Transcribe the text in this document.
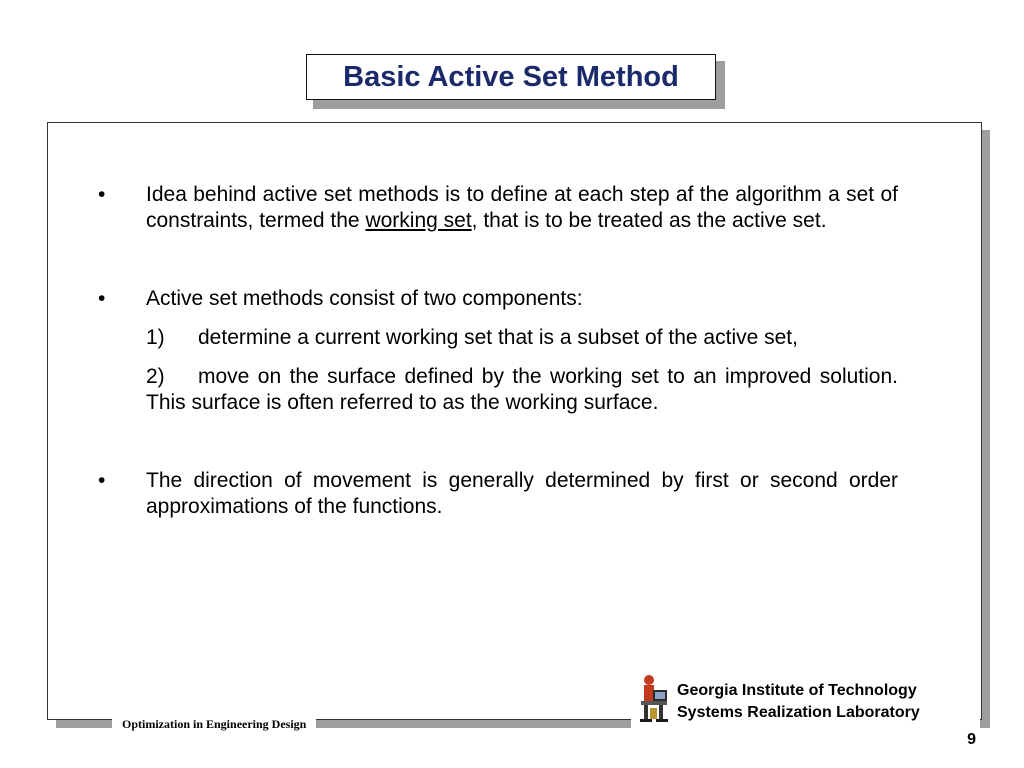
Basic Active Set Method
•	Idea behind active set methods is to define at each step af the algorithm a set of constraints, termed the working set, that is to be treated as the active set.
•	Active set methods consist of two components:
1) determine a current working set that is a subset of the active set,
2) move on the surface defined by the working set to an improved solution. This surface is often referred to as the working surface.
•	The direction of movement is generally determined by first or second order approximations of the functions.
Optimization in Engineering Design
Georgia Institute of Technology
Systems Realization Laboratory
9
